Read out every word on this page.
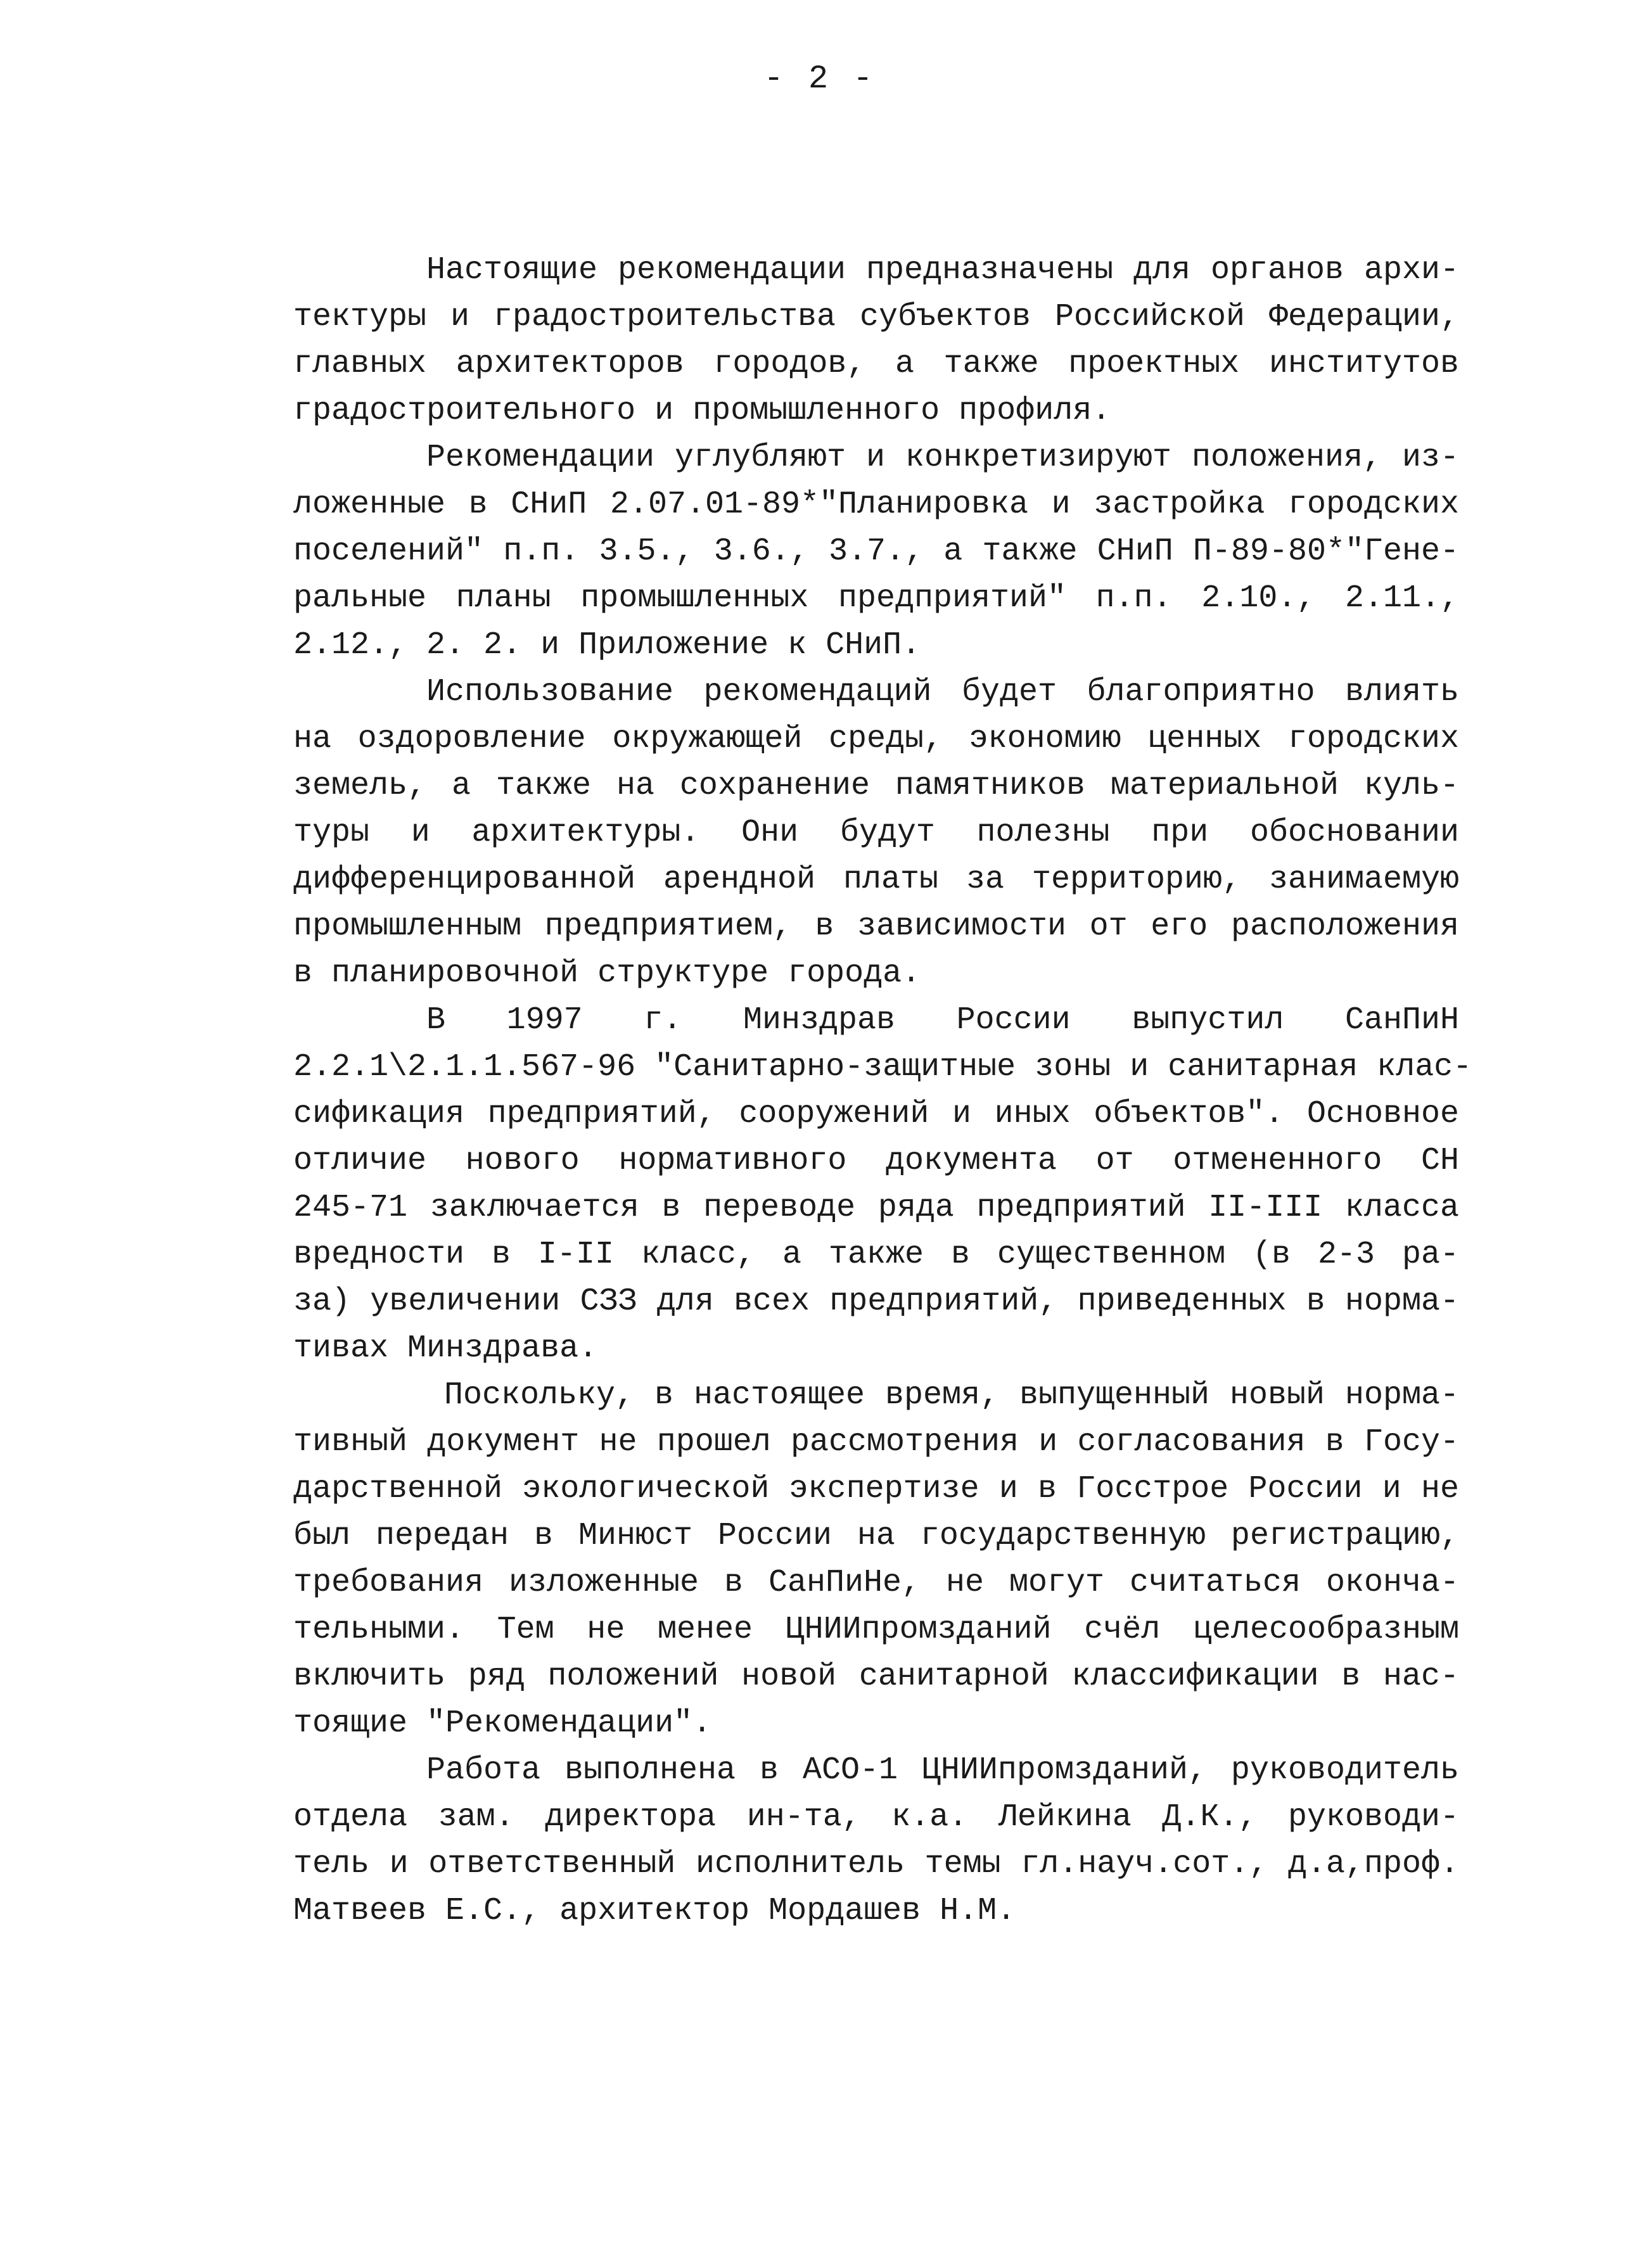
- 2 -
Настоящие рекомендации предназначены для органов архи-
тектуры и градостроительства субъектов Российской Федерации,
главных архитекторов городов, а также проектных институтов
градостроительного и промышленного профиля.
Рекомендации углубляют и конкретизируют положения, из-
ложенные в СНиП 2.07.01-89*"Планировка и застройка городских
поселений" п.п. 3.5., 3.6., 3.7., а также СНиП П-89-80*"Гене-
ральные планы промышленных предприятий" п.п. 2.10., 2.11.,
2.12., 2. 2. и Приложение к СНиП.
Использование рекомендаций будет благоприятно влиять
на оздоровление окружающей среды, экономию ценных городских
земель, а также на сохранение памятников материальной куль-
туры и архитектуры. Они будут полезны при обосновании
дифференцированной арендной платы за территорию, занимаемую
промышленным предприятием, в зависимости от его расположения
в планировочной структуре города.
В 1997 г. Минздрав России выпустил СанПиН
2.2.1\2.1.1.567-96 "Санитарно-защитные зоны и санитарная клас-
сификация предприятий, сооружений и иных объектов". Основное
отличие нового нормативного документа от отмененного СН
245-71 заключается в переводе ряда предприятий II-III класса
вредности в I-II класс, а также в существенном (в 2-3 ра-
за) увеличении СЗЗ для всех предприятий, приведенных в норма-
тивах Минздрава.
Поскольку, в настоящее время, выпущенный новый норма-
тивный документ не прошел рассмотрения и согласования в Госу-
дарственной экологической экспертизе и в Госстрое России и не
был передан в Минюст России на государственную регистрацию,
требования изложенные в СанПиНе, не могут считаться оконча-
тельными. Тем не менее ЦНИИпромзданий счёл целесообразным
включить ряд положений новой санитарной классификации в нас-
тоящие "Рекомендации".
Работа выполнена в АСО-1 ЦНИИпромзданий, руководитель
отдела зам. директора ин-та, к.а. Лейкина Д.К., руководи-
тель и ответственный исполнитель темы гл.науч.сот., д.а,проф.
Матвеев Е.С., архитектор Мордашев Н.М.
